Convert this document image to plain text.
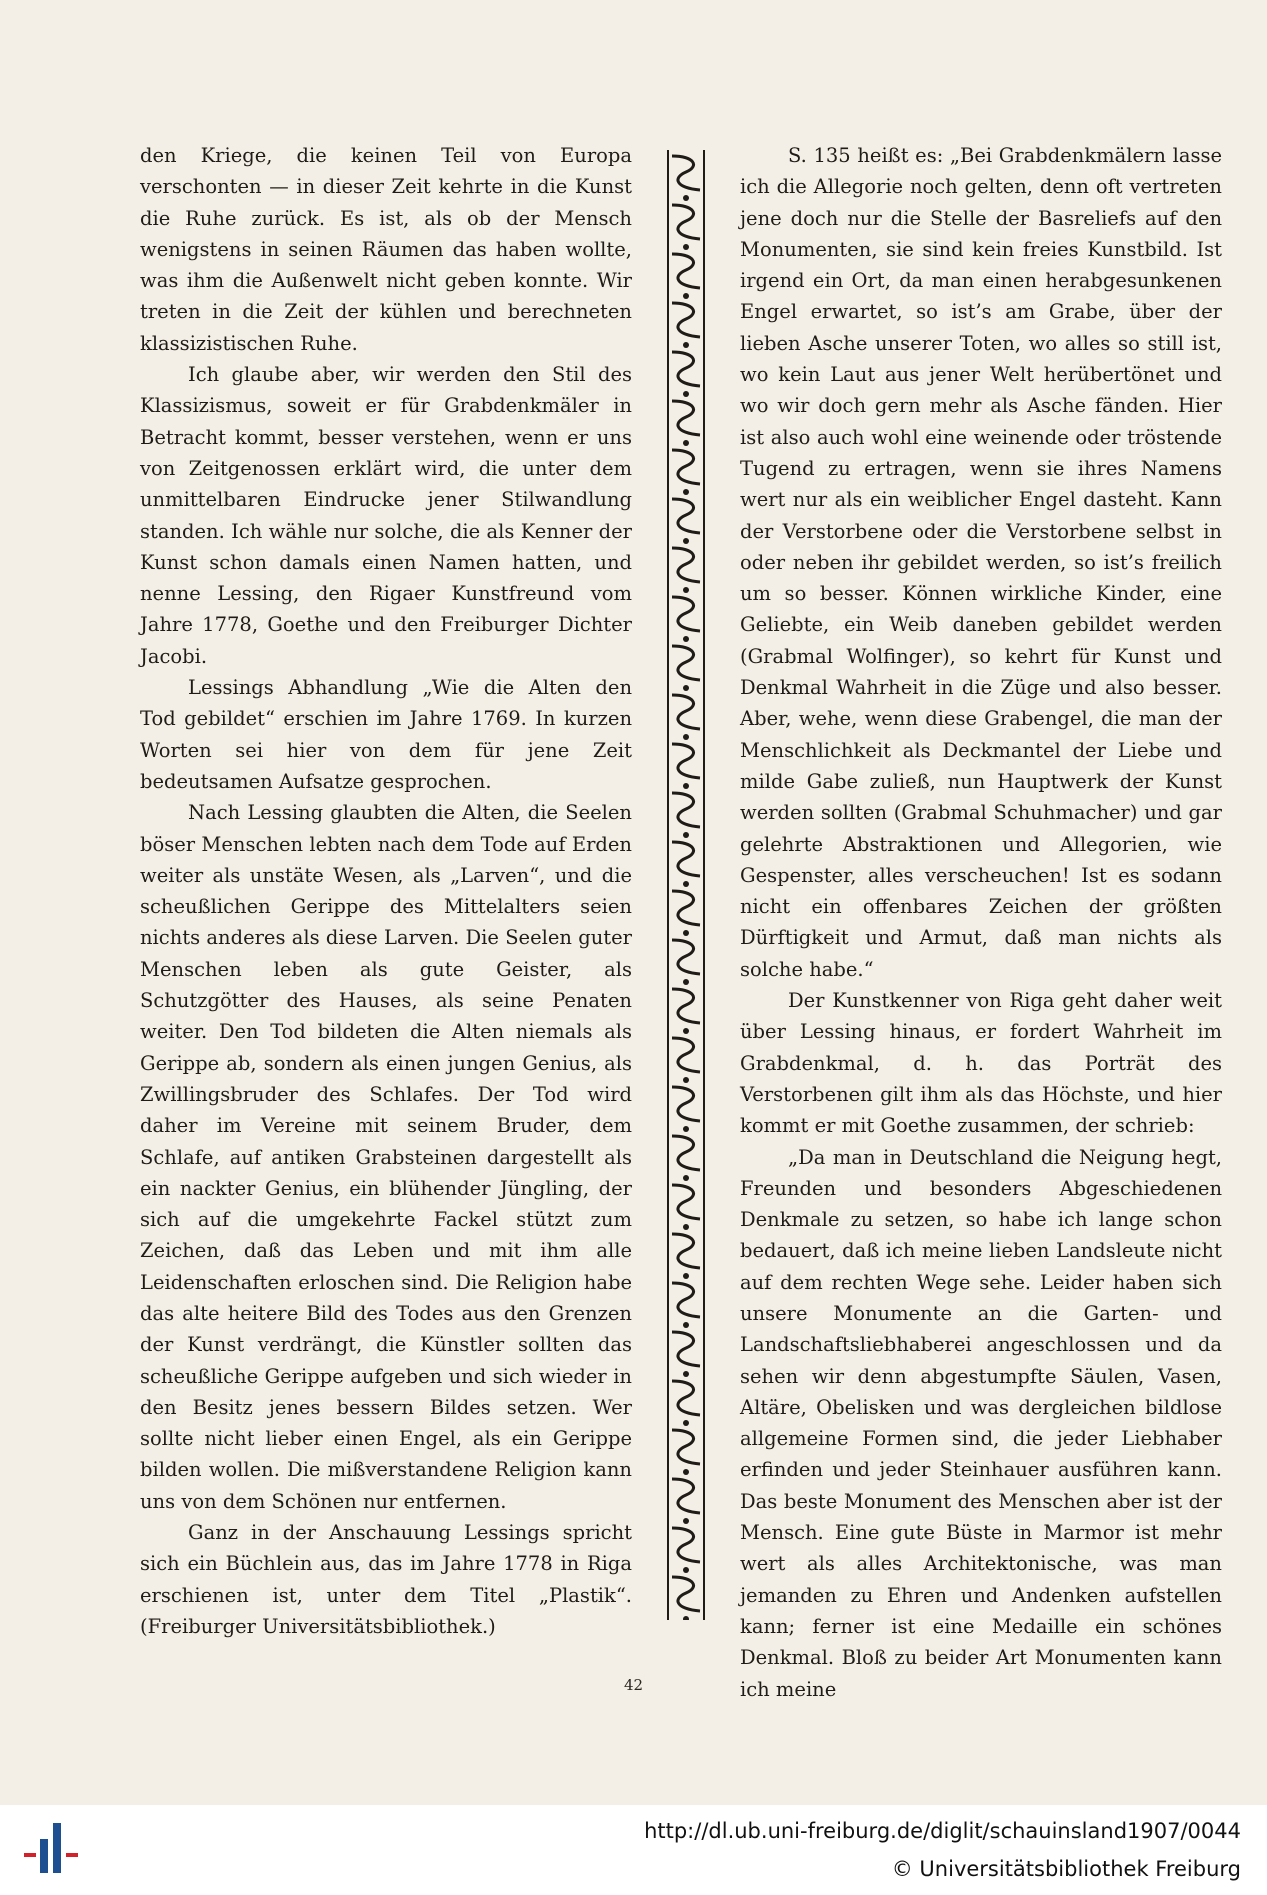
den Kriege, die keinen Teil von Europa verschonten — in dieser Zeit kehrte in die Kunst die Ruhe zurück. Es ist, als ob der Mensch wenigstens in seinen Räumen das haben wollte, was ihm die Außenwelt nicht geben konnte. Wir treten in die Zeit der kühlen und berechneten klassizistischen Ruhe.

Ich glaube aber, wir werden den Stil des Klassizismus, soweit er für Grabdenkmäler in Betracht kommt, besser verstehen, wenn er uns von Zeitgenossen erklärt wird, die unter dem unmittelbaren Eindrucke jener Stilwandlung standen. Ich wähle nur solche, die als Kenner der Kunst schon damals einen Namen hatten, und nenne Lessing, den Rigaer Kunstfreund vom Jahre 1778, Goethe und den Freiburger Dichter Jacobi.

Lessings Abhandlung „Wie die Alten den Tod gebildet“ erschien im Jahre 1769. In kurzen Worten sei hier von dem für jene Zeit bedeutsamen Aufsatze gesprochen.

Nach Lessing glaubten die Alten, die Seelen böser Menschen lebten nach dem Tode auf Erden weiter als unstäte Wesen, als „Larven“, und die scheußlichen Gerippe des Mittelalters seien nichts anderes als diese Larven. Die Seelen guter Menschen leben als gute Geister, als Schutzgötter des Hauses, als seine Penaten weiter. Den Tod bildeten die Alten niemals als Gerippe ab, sondern als einen jungen Genius, als Zwillingsbruder des Schlafes. Der Tod wird daher im Vereine mit seinem Bruder, dem Schlafe, auf antiken Grabsteinen dargestellt als ein nackter Genius, ein blühender Jüngling, der sich auf die umgekehrte Fackel stützt zum Zeichen, daß das Leben und mit ihm alle Leidenschaften erloschen sind. Die Religion habe das alte heitere Bild des Todes aus den Grenzen der Kunst verdrängt, die Künstler sollten das scheußliche Gerippe aufgeben und sich wieder in den Besitz jenes bessern Bildes setzen. Wer sollte nicht lieber einen Engel, als ein Gerippe bilden wollen. Die mißverstandene Religion kann uns von dem Schönen nur entfernen.

Ganz in der Anschauung Lessings spricht sich ein Büchlein aus, das im Jahre 1778 in Riga erschienen ist, unter dem Titel „Plastik“. (Freiburger Universitätsbibliothek.)

S. 135 heißt es: „Bei Grabdenkmälern lasse ich die Allegorie noch gelten, denn oft vertreten jene doch nur die Stelle der Basreliefs auf den Monumenten, sie sind kein freies Kunstbild. Ist irgend ein Ort, da man einen herabgesunkenen Engel erwartet, so ist’s am Grabe, über der lieben Asche unserer Toten, wo alles so still ist, wo kein Laut aus jener Welt herübertönet und wo wir doch gern mehr als Asche fänden. Hier ist also auch wohl eine weinende oder tröstende Tugend zu ertragen, wenn sie ihres Namens wert nur als ein weiblicher Engel dasteht. Kann der Verstorbene oder die Verstorbene selbst in oder neben ihr gebildet werden, so ist’s freilich um so besser. Können wirkliche Kinder, eine Geliebte, ein Weib daneben gebildet werden (Grabmal Wolfinger), so kehrt für Kunst und Denkmal Wahrheit in die Züge und also besser. Aber, wehe, wenn diese Grabengel, die man der Menschlichkeit als Deckmantel der Liebe und milde Gabe zuließ, nun Hauptwerk der Kunst werden sollten (Grabmal Schuhmacher) und gar gelehrte Abstraktionen und Allegorien, wie Gespenster, alles verscheuchen! Ist es sodann nicht ein offenbares Zeichen der größten Dürftigkeit und Armut, daß man nichts als solche habe.“

Der Kunstkenner von Riga geht daher weit über Lessing hinaus, er fordert Wahrheit im Grabdenkmal, d. h. das Porträt des Verstorbenen gilt ihm als das Höchste, und hier kommt er mit Goethe zusammen, der schrieb:

„Da man in Deutschland die Neigung hegt, Freunden und besonders Abgeschiedenen Denkmale zu setzen, so habe ich lange schon bedauert, daß ich meine lieben Landsleute nicht auf dem rechten Wege sehe. Leider haben sich unsere Monumente an die Garten- und Landschaftsliebhaberei angeschlossen und da sehen wir denn abgestumpfte Säulen, Vasen, Altäre, Obelisken und was dergleichen bildlose allgemeine Formen sind, die jeder Liebhaber erfinden und jeder Steinhauer ausführen kann. Das beste Monument des Menschen aber ist der Mensch. Eine gute Büste in Marmor ist mehr wert als alles Architektonische, was man jemanden zu Ehren und Andenken aufstellen kann; ferner ist eine Medaille ein schönes Denkmal. Bloß zu beider Art Monumenten kann ich meine

42
http://dl.ub.uni-freiburg.de/diglit/schauinsland1907/0044
© Universitätsbibliothek Freiburg
